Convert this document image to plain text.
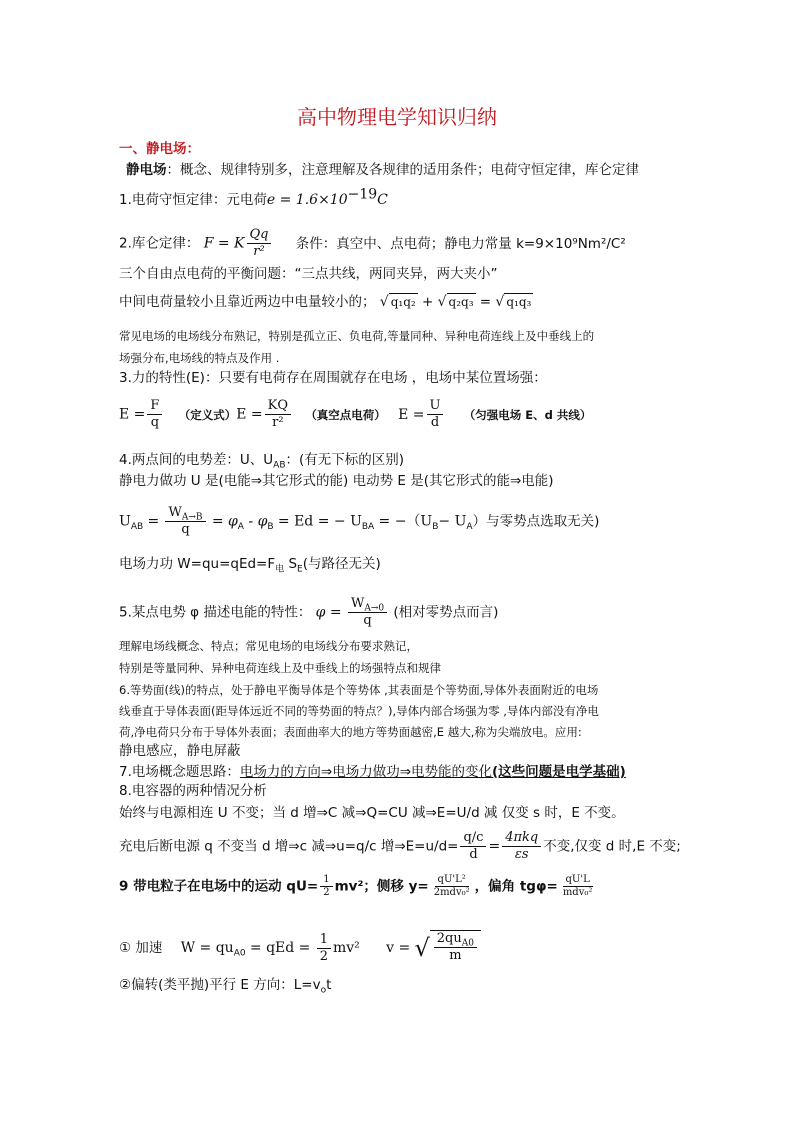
高中物理电学知识归纳
一、静电场：
静电场：概念、规律特别多，注意理解及各规律的适用条件；电荷守恒定律，库仑定律
1.电荷守恒定律：元电荷$e = 1.6\times 10^{-19}C$
2.库仑定律： F = K $\frac{Qq}{\text{r²}}$ 条件：真空中、点电荷；静电力常量 k=9×10⁹Nm²/C²
三个自由点电荷的平衡问题：“三点共线，两同夹异，两大夹小”
中间电荷量较小且靠近两边中电量较小的； √ q₁q₂ + √ q₂q₃ = √ q₁q₃
常见电场的电场线分布熟记，特别是孤立正、负电荷,等量同种、异种电荷连线上及中垂线上的
场强分布,电场线的特点及作用 .
3.力的特性(E)：只要有电荷存在周围就存在电场 ，电场中某位置场强：
$E = \frac{F}{q}$ （定义式）$E = \frac{KQ}{\text{r²}}$ （真空点电荷） $E = \frac{U}{d}$ （匀强电场 E、d 共线）
4.两点间的电势差：U、$U_{AB}$：(有无下标的区别)
静电力做功 U 是(电能⇒其它形式的能) 电动势 E 是(其它形式的能⇒电能)
$U_{AB} = \frac{W_{A\to B}}{q} = \varphi_A - \varphi_B = Ed$ = − $U_{BA} = -(U_B- U_A)$与零势点选取无关)
电场力功 $W=qu=qEd=F_电$ $S_E$(与路径无关)
5.某点电势 φ 描述电能的特性： $\varphi = \frac{W_{A\to 0}}{q}$ (相对零势点而言)
理解电场线概念、特点；常见电场的电场线分布要求熟记，
特别是等量同种、异种电荷连线上及中垂线上的场强特点和规律
6.等势面(线)的特点，处于静电平衡导体是个等势体 ,其表面是个等势面,导体外表面附近的电场
线垂直于导体表面(距导体远近不同的等势面的特点？),导体内部合场强为零 ,导体内部没有净电
荷,净电荷只分布于导体外表面；表面曲率大的地方等势面越密,E 越大,称为尖端放电。应用:
静电感应，静电屏蔽
7.电场概念题思路：电场力的方向⇒电场力做功⇒电势能的变化(这些问题是电学基础)
8.电容器的两种情况分析
始终与电源相连 U 不变；当 d 增⇒C 减⇒Q=CU 减⇒E=U/d 减 仅变 s 时，E 不变。
充电后断电源 q 不变当 d 增⇒c 减⇒u=q/c 增⇒E=u/d= $\frac{q/c}{d} = \frac{\text{4πkq}}{\varepsilon s}$ 不变,仅变 d 时,E 不变;
9 带电粒子在电场中的运动 $qU= \frac{1}{2} mv^2$；侧移 $y= \frac{\text{qU'L²}}{\text{2mdv₀²}}$ ，偏角 $tg\varphi= \frac{qU'L}{\text{mdv₀²}}$
① 加速 $W = qu_{A0}$ = qEd = $\frac{1}{2} mv^2$ v = √ $\frac{2qu_{A0}}{m}$
②偏转(类平抛)平行 E 方向：$L=v_ot$
